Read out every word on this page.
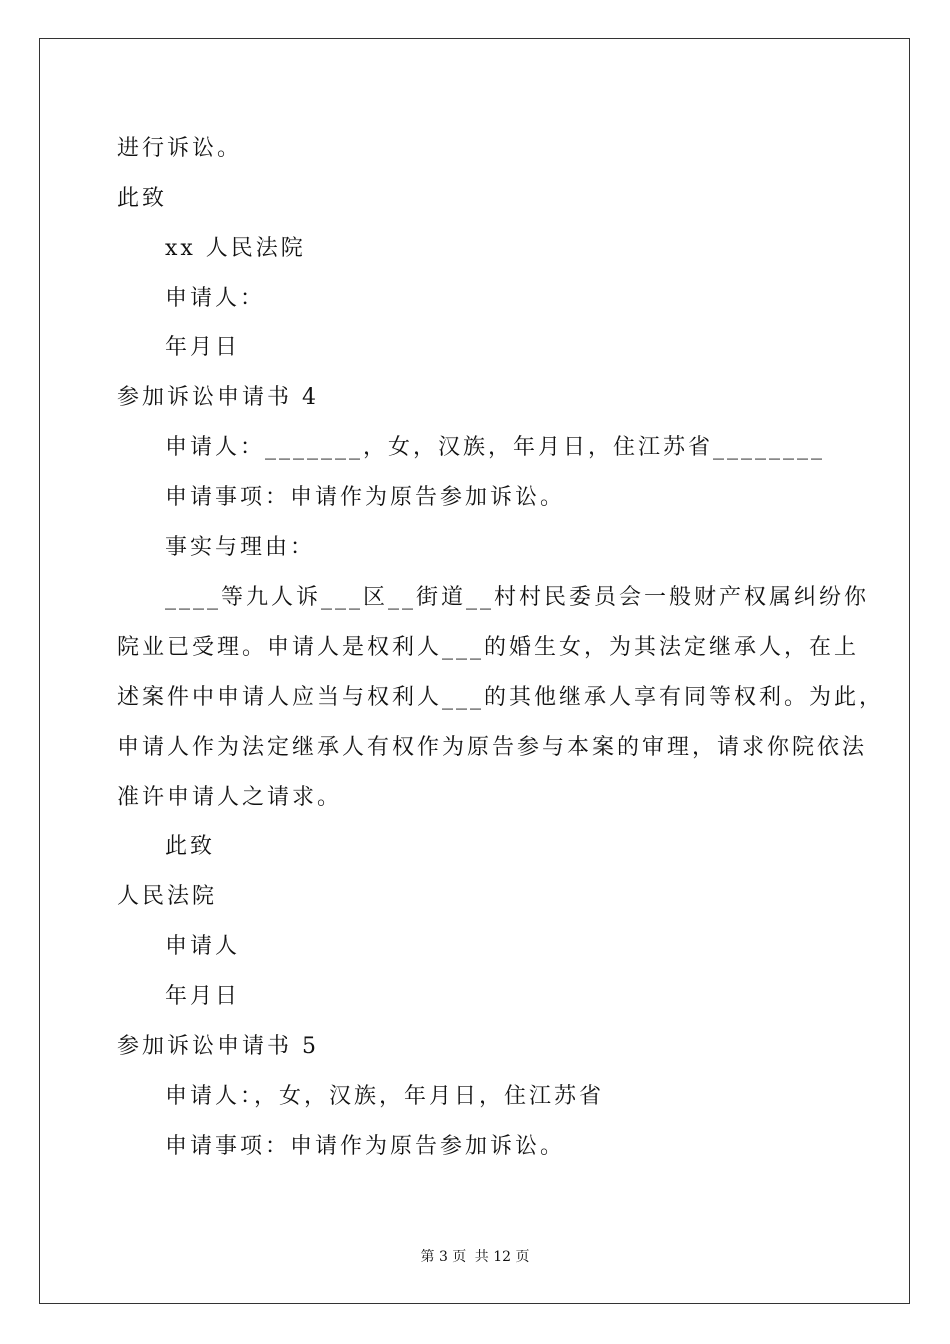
进行诉讼。
此致
xx 人民法院
申请人：
年月日
参加诉讼申请书 4
申请人：_______，女，汉族，年月日，住江苏省________
申请事项：申请作为原告参加诉讼。
事实与理由：
____等九人诉___区__街道__村村民委员会一般财产权属纠纷你
院业已受理。申请人是权利人___的婚生女，为其法定继承人，在上
述案件中申请人应当与权利人___的其他继承人享有同等权利。为此，
申请人作为法定继承人有权作为原告参与本案的审理，请求你院依法
准许申请人之请求。
此致
人民法院
申请人
年月日
参加诉讼申请书 5
申请人：，女，汉族，年月日，住江苏省
申请事项：申请作为原告参加诉讼。
第 3 页 共 12 页
